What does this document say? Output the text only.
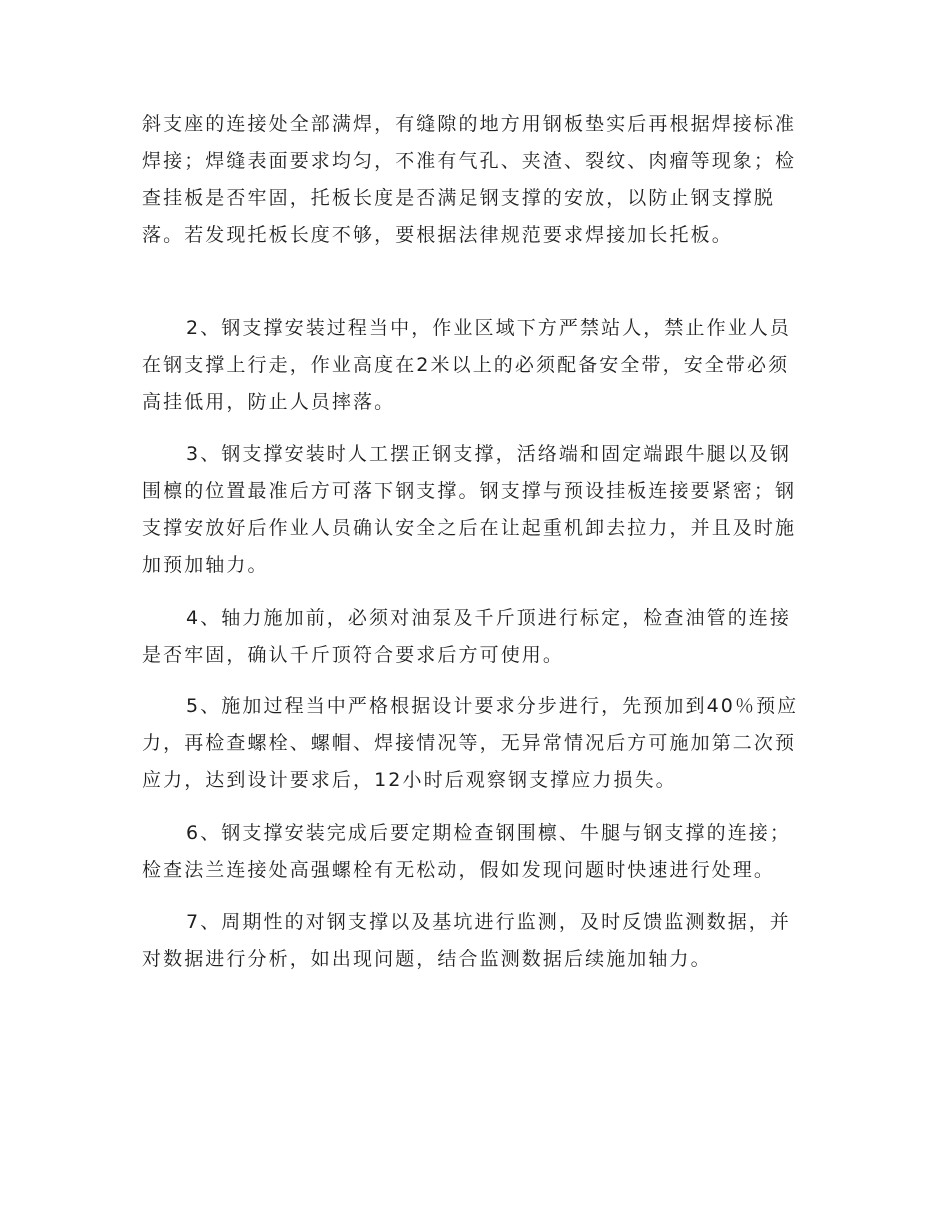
斜支座的连接处全部满焊，有缝隙的地方用钢板垫实后再根据焊接标准焊接；焊缝表面要求均匀，不准有气孔、夹渣、裂纹、肉瘤等现象；检查挂板是否牢固，托板长度是否满足钢支撑的安放，以防止钢支撑脱落。若发现托板长度不够，要根据法律规范要求焊接加长托板。

2、钢支撑安装过程当中，作业区域下方严禁站人，禁止作业人员在钢支撑上行走，作业高度在2米以上的必须配备安全带，安全带必须高挂低用，防止人员摔落。

3、钢支撑安装时人工摆正钢支撑，活络端和固定端跟牛腿以及钢围檩的位置最准后方可落下钢支撑。钢支撑与预设挂板连接要紧密；钢支撑安放好后作业人员确认安全之后在让起重机卸去拉力，并且及时施加预加轴力。

4、轴力施加前，必须对油泵及千斤顶进行标定，检查油管的连接是否牢固，确认千斤顶符合要求后方可使用。

5、施加过程当中严格根据设计要求分步进行，先预加到40％预应力，再检查螺栓、螺帽、焊接情况等，无异常情况后方可施加第二次预应力，达到设计要求后，12小时后观察钢支撑应力损失。

6、钢支撑安装完成后要定期检查钢围檩、牛腿与钢支撑的连接；检查法兰连接处高强螺栓有无松动，假如发现问题时快速进行处理。

7、周期性的对钢支撑以及基坑进行监测，及时反馈监测数据，并对数据进行分析，如出现问题，结合监测数据后续施加轴力。
